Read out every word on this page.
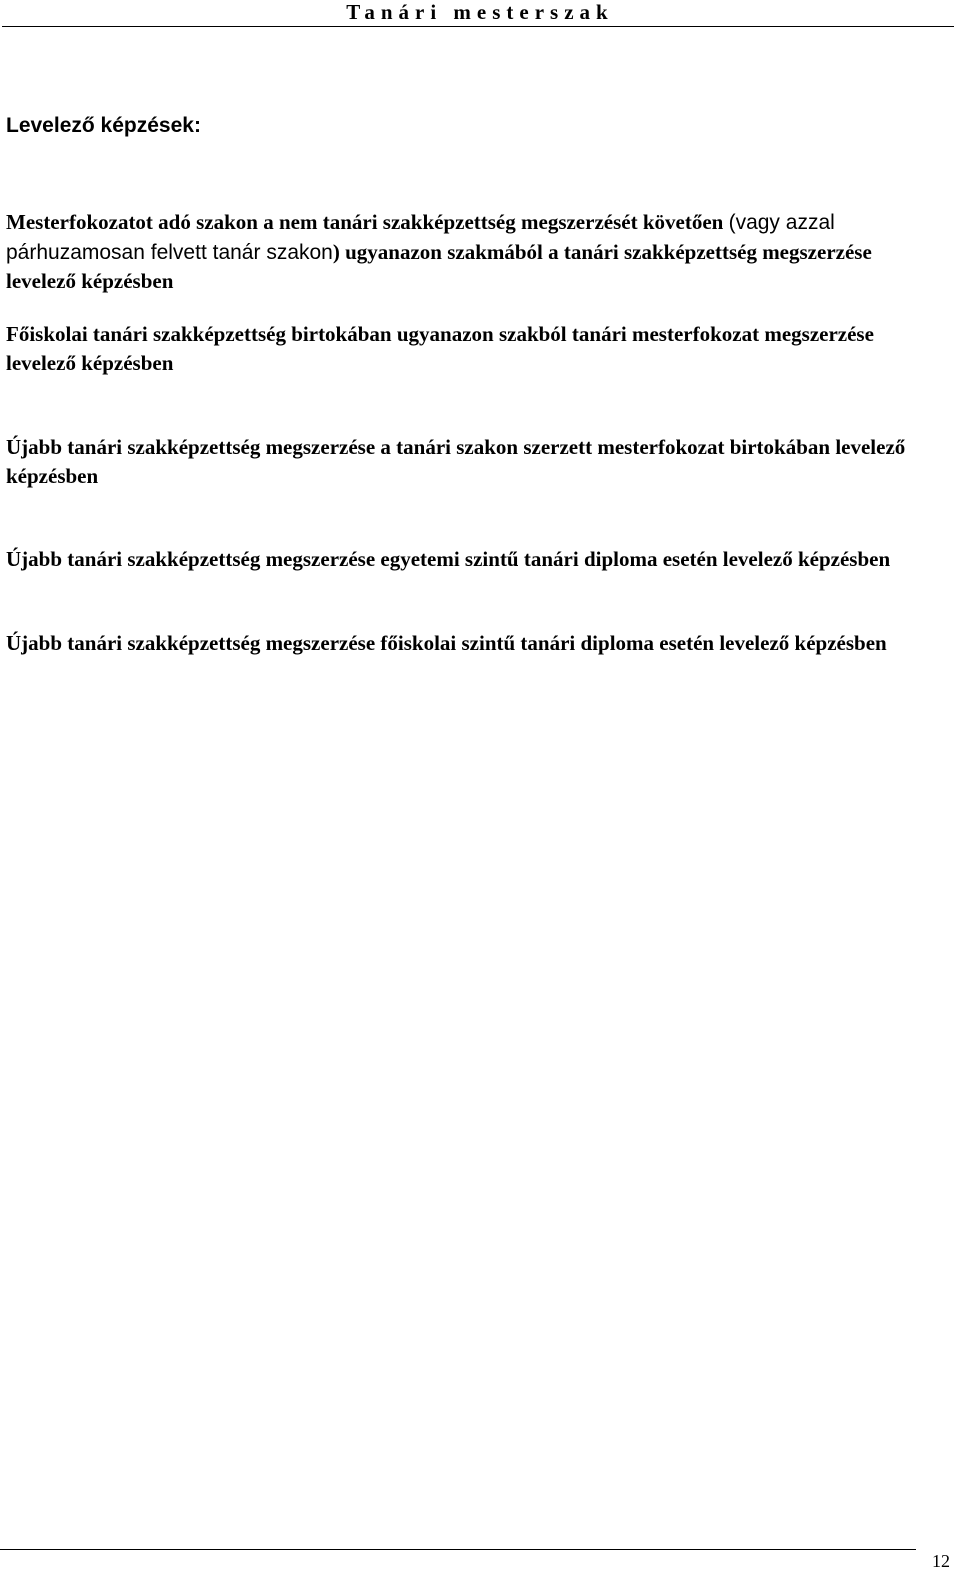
Tanári mesterszak
Levelező képzések:

Mesterfokozatot adó szakon a nem tanári szakképzettség megszerzését követően (vagy azzal párhuzamosan felvett tanár szakon) ugyanazon szakmából a tanári szakképzettség megszerzése levelező képzésben

Főiskolai tanári szakképzettség birtokában ugyanazon szakból tanári mesterfokozat megszerzése levelező képzésben

Újabb tanári szakképzettség megszerzése a tanári szakon szerzett mesterfokozat birtokában levelező képzésben

Újabb tanári szakképzettség megszerzése egyetemi szintű tanári diploma esetén levelező képzésben

Újabb tanári szakképzettség megszerzése főiskolai szintű tanári diploma esetén levelező képzésben

12
